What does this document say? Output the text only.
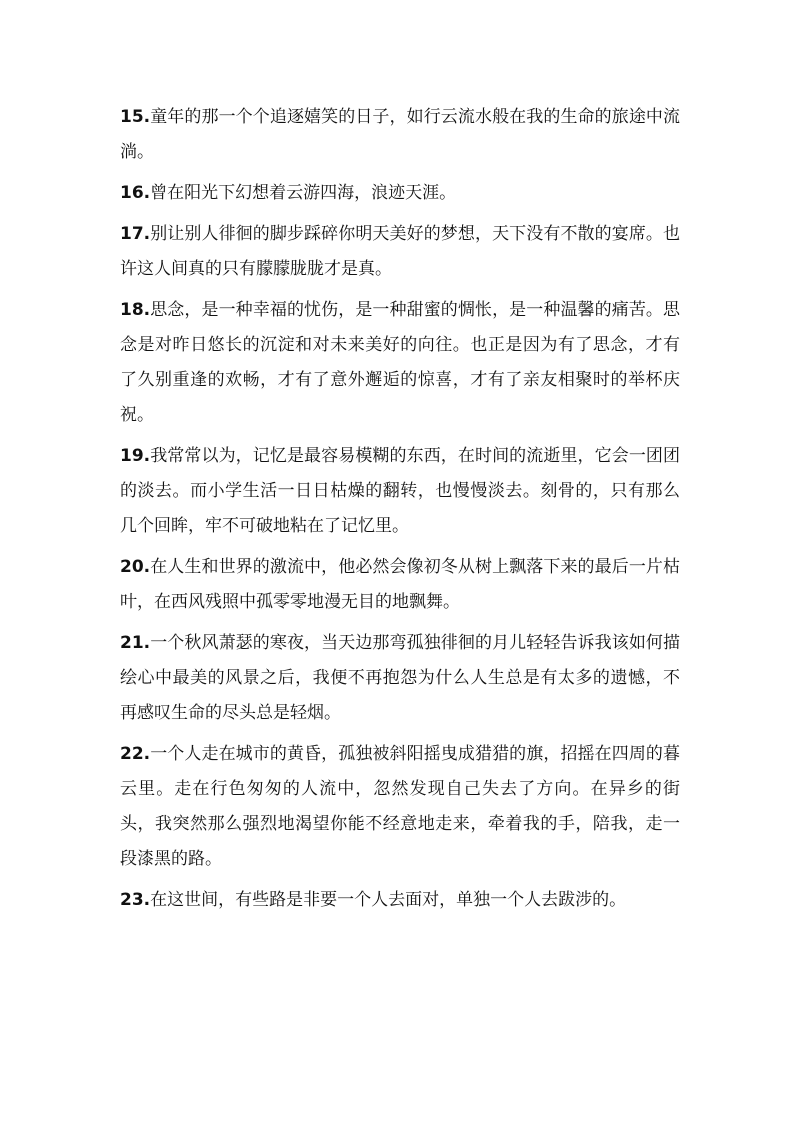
15.童年的那一个个追逐嬉笑的日子，如行云流水般在我的生命的旅途中流淌。

16.曾在阳光下幻想着云游四海，浪迹天涯。

17.别让别人徘徊的脚步踩碎你明天美好的梦想，天下没有不散的宴席。也许这人间真的只有朦朦胧胧才是真。

18.思念，是一种幸福的忧伤，是一种甜蜜的惆怅，是一种温馨的痛苦。思念是对昨日悠长的沉淀和对未来美好的向往。也正是因为有了思念，才有了久别重逢的欢畅，才有了意外邂逅的惊喜，才有了亲友相聚时的举杯庆祝。

19.我常常以为，记忆是最容易模糊的东西，在时间的流逝里，它会一团团的淡去。而小学生活一日日枯燥的翻转，也慢慢淡去。刻骨的，只有那么几个回眸，牢不可破地粘在了记忆里。

20.在人生和世界的激流中，他必然会像初冬从树上飘落下来的最后一片枯叶，在西风残照中孤零零地漫无目的地飘舞。

21.一个秋风萧瑟的寒夜，当天边那弯孤独徘徊的月儿轻轻告诉我该如何描绘心中最美的风景之后，我便不再抱怨为什么人生总是有太多的遗憾，不再感叹生命的尽头总是轻烟。

22.一个人走在城市的黄昏，孤独被斜阳摇曳成猎猎的旗，招摇在四周的暮云里。走在行色匆匆的人流中，忽然发现自己失去了方向。在异乡的街头，我突然那么强烈地渴望你能不经意地走来，牵着我的手，陪我，走一段漆黑的路。

23.在这世间，有些路是非要一个人去面对，单独一个人去跋涉的。
